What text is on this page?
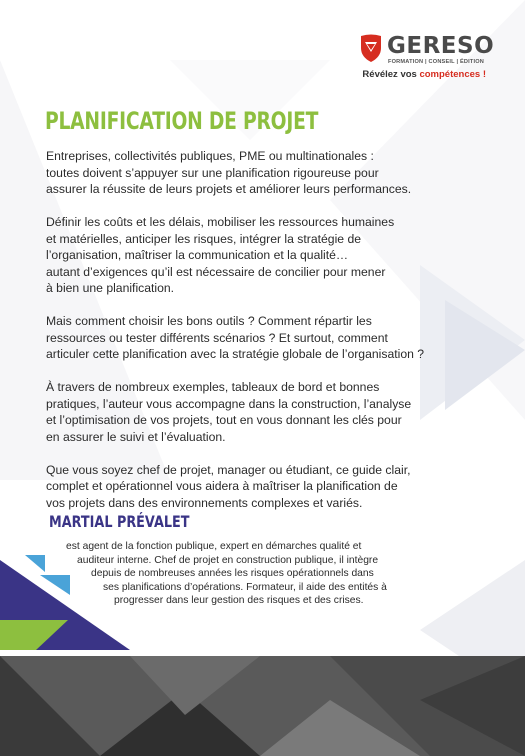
GERESO
FORMATION | CONSEIL | ÉDITION
Révélez vos compétences !
PLANIFICATION DE PROJET

Entreprises, collectivités publiques, PME ou multinationales :
toutes doivent s’appuyer sur une planification rigoureuse pour
assurer la réussite de leurs projets et améliorer leurs performances.

Définir les coûts et les délais, mobiliser les ressources humaines
et matérielles, anticiper les risques, intégrer la stratégie de
l’organisation, maîtriser la communication et la qualité…
autant d’exigences qu’il est nécessaire de concilier pour mener
à bien une planification.

Mais comment choisir les bons outils ? Comment répartir les
ressources ou tester différents scénarios ? Et surtout, comment
articuler cette planification avec la stratégie globale de l’organisation ?

À travers de nombreux exemples, tableaux de bord et bonnes
pratiques, l’auteur vous accompagne dans la construction, l’analyse
et l’optimisation de vos projets, tout en vous donnant les clés pour
en assurer le suivi et l’évaluation.

Que vous soyez chef de projet, manager ou étudiant, ce guide clair,
complet et opérationnel vous aidera à maîtriser la planification de
vos projets dans des environnements complexes et variés.

MARTIAL PRÉVALET
est agent de la fonction publique, expert en démarches qualité et
auditeur interne. Chef de projet en construction publique, il intègre
depuis de nombreuses années les risques opérationnels dans
ses planifications d’opérations. Formateur, il aide des entités à
progresser dans leur gestion des risques et des crises.
